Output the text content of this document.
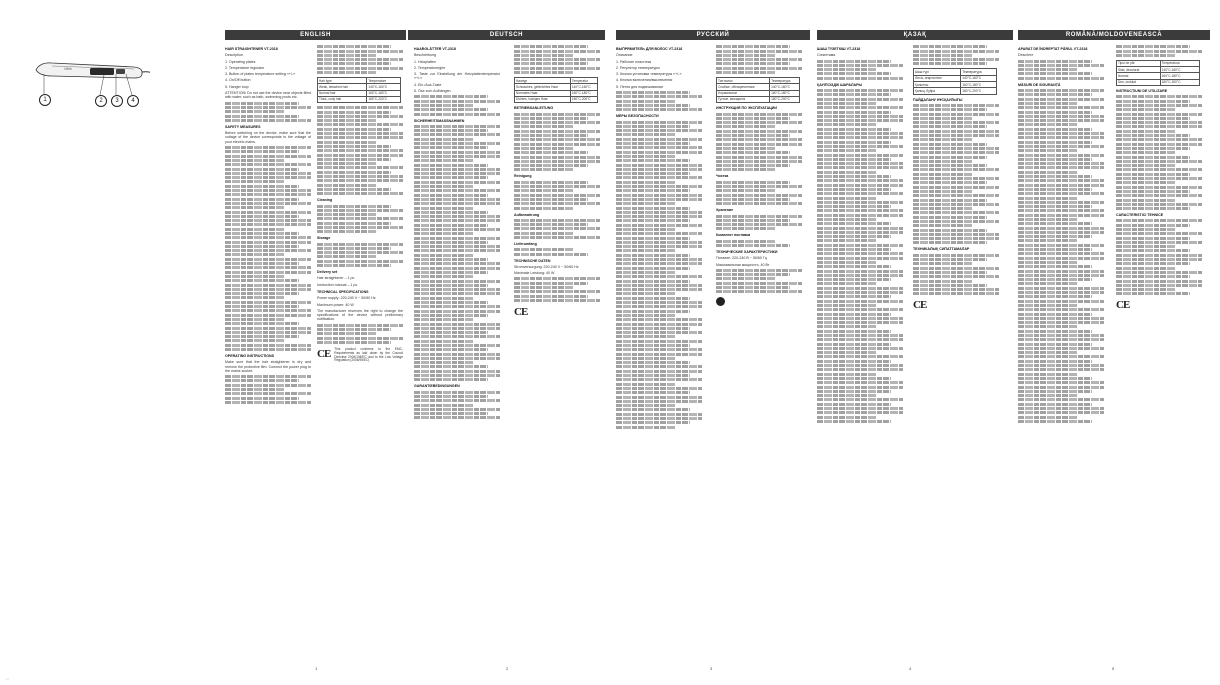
Vitek
1	2	3	4
▫▫▫
ENGLISH

HAIR STRAIGHTENER VT-2318

Description

1. Operating plates

2. Temperature regulator

3. Button of plates temperature setting «+/-»

4. On/Off button

5. Hanger loop

ATTENTION! Do not use the device near objects filled with water, such as bath, swimming pools etc.

SAFETY MEASURES

Before switching on the device, make sure that the voltage of the device corresponds to the voltage of your electric mains.

OPERATING INSTRUCTIONS

Make sure that the hair straightener is dry and remove the protective film. Connect the power plug to the mains socket.

Hair type	Temperature
Weak, bleached hair	140°C-160°C
Normal hair	160°C-180°C
Thick, curly hair	180°C-200°C

Cleaning

Storage

Delivery set

Hair straightener – 1 pc.

Instruction manual – 1 pc.

TECHNICAL SPECIFICATIONS

Power supply: 220-240 V ~ 50/60 Hz

Maximum power: 40 W

The manufacturer reserves the right to change the specifications of the device without preliminary notification.

CE This product conforms to the EMC-Requirements as laid down by the Council Directive 2004/108/EC and to the Low Voltage Regulation (2006/95/EC)

1
DEUTSCH

HAARGLÄTTER VT-2318

Beschreibung

1. Heizplatten

2. Temperaturregler

3. Taste zur Einstellung der Heizplattentemperatur «+/-»

4. Ein-/Aus-Taste

5. Öse zum Aufhängen

SICHERHEITSMASSNAHMEN

GARANTIEBEDINGUNGEN

Haartyp	Temperatur
Schwaches, gebleichtes Haar	140°C-160°C
Normales Haar	160°C-180°C
Dichtes, lockiges Haar	180°C-200°C

BETRIEBSANLEITUNG

Reinigung

Aufbewahrung

Lieferumfang

TECHNISCHE DATEN

Stromversorgung: 220-240 V ~ 50/60 Hz

Maximale Leistung: 40 W

CE
2
РУССКИЙ

ВЫПРЯМИТЕЛЬ ДЛЯ ВОЛОС VT-2318

Описание

1. Рабочие пластины

2. Регулятор температуры

3. Кнопки установки температуры «+/-»

4. Кнопка включения/выключения

5. Петля для подвешивания

МЕРЫ БЕЗОПАСНОСТИ

Тип волос	Температура
Слабые, обесцвеченные	140°C-160°C
Нормальные	160°C-180°C
Густые, вьющиеся	180°C-200°C

ИНСТРУКЦИЯ ПО ЭКСПЛУАТАЦИИ

Чистка

Хранение

Комплект поставки

ТЕХНИЧЕСКИЕ ХАРАКТЕРИСТИКИ

Питание: 220-240 В ~ 50/60 Гц

Максимальная мощность: 40 Вт

3
ҚАЗАҚ

ШАШ ТҮЗЕТКІШ VT-2318

Сипаттама

ҚАУІПСІЗДІК ШАРАЛАРЫ

Шаш түрі	Температура
Әлсіз, ағартылған	140°C-160°C
Қалыпты	160°C-180°C
Қалың, бұйра	180°C-200°C

ПАЙДАЛАНУ НҰСҚАУЛЫҒЫ

ТЕХНИКАЛЫҚ СИПАТТАМАЛАР

CE
4
ROMÂNĂ/MOLDOVENEASCĂ

APARAT DE ÎNDREPTAT PĂRUL VT-2318

Descriere

MĂSURI DE SIGURANȚĂ

Tipul de păr	Temperatura
Slab, decolorat	140°C-160°C
Normal	160°C-180°C
Des, ondulat	180°C-200°C

INSTRUCȚIUNI DE UTILIZARE

CARACTERISTICI TEHNICE

CE
5
